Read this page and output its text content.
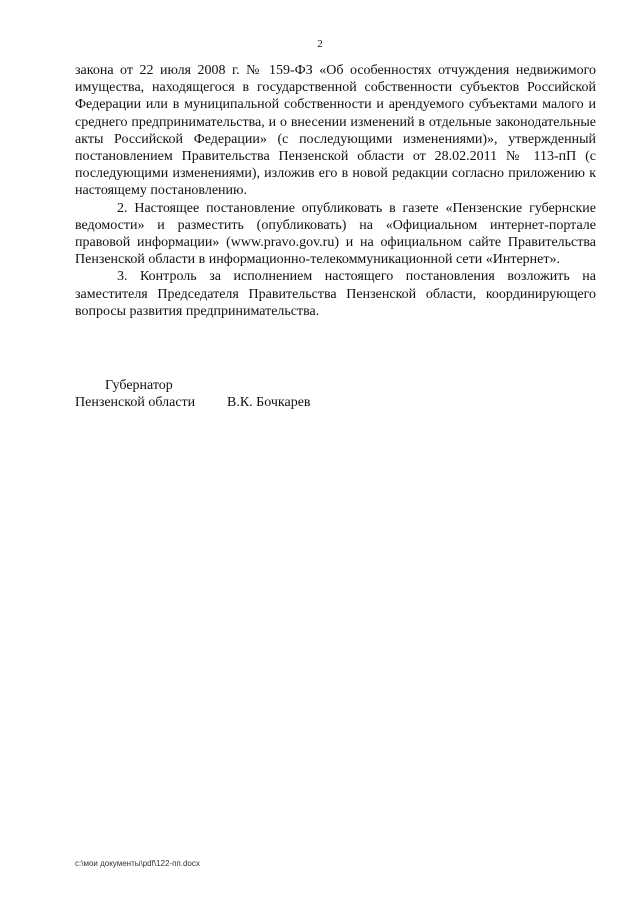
2

закона от 22 июля 2008 г. № 159-ФЗ «Об особенностях отчуждения недвижимого имущества, находящегося в государственной собственности субъектов Российской Федерации или в муниципальной собственности и арендуемого субъектами малого и среднего предпринимательства, и о внесении изменений в отдельные законодательные акты Российской Федерации» (с последующими изменениями)», утвержденный постановлением Правительства Пензенской области от 28.02.2011 № 113-пП (с последующими изменениями), изложив его в новой редакции согласно приложению к настоящему постановлению.

2. Настоящее постановление опубликовать в газете «Пензенские губернские ведомости» и разместить (опубликовать) на «Официальном интернет-портале правовой информации» (www.pravo.gov.ru) и на официальном сайте Правительства Пензенской области в информационно-телекоммуникационной сети «Интернет».

3. Контроль за исполнением настоящего постановления возложить на заместителя Председателя Правительства Пензенской области, координирующего вопросы развития предпринимательства.

Губернатор
Пензенской области В.К. Бочкарев
c:\мои документы\pdf\122-пп.docx
